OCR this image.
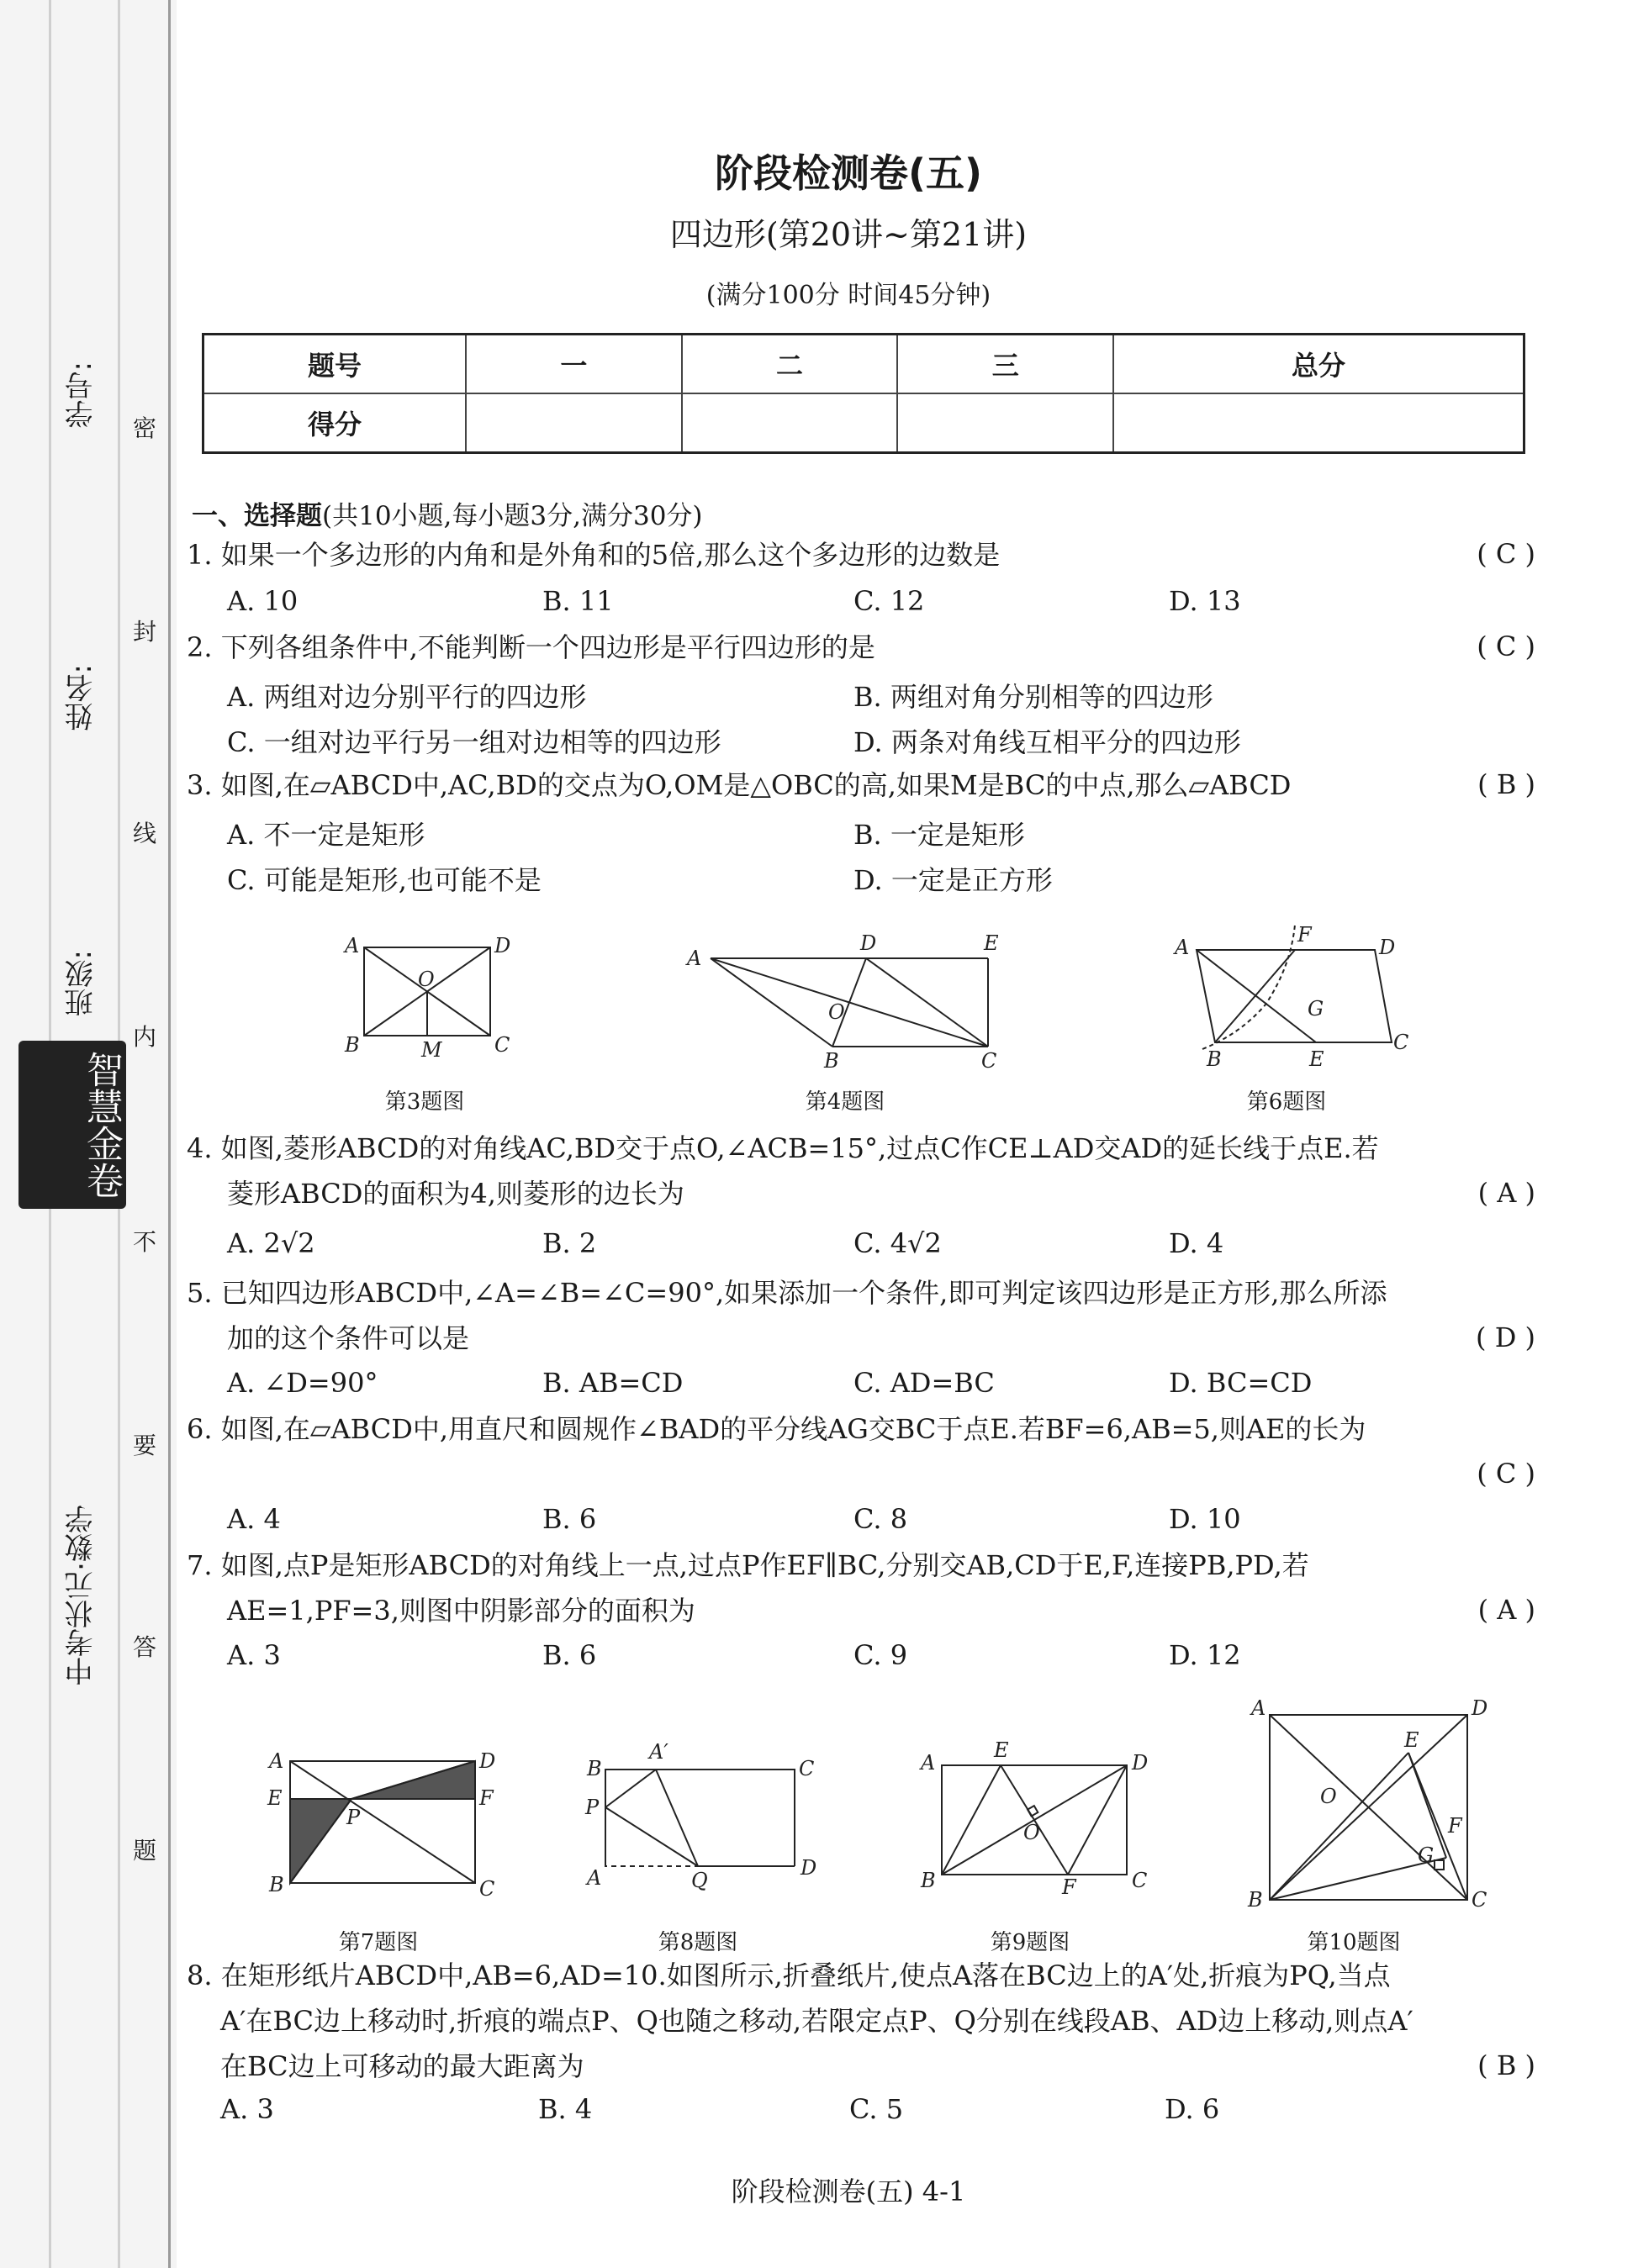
学号:
姓名:
班级:
密
封
线
内
不
要
答
题
智慧金卷
中考状元·数学
阶段检测卷(五)
四边形(第20讲~第21讲)
(满分100分 时间45分钟)
题号	一	二	三	总分
得分				
一、选择题(共10小题,每小题3分,满分30分)
1. 如果一个多边形的内角和是外角和的5倍,那么这个多边形的边数是	( C )
A. 10	B. 11	C. 12	D. 13
2. 下列各组条件中,不能判断一个四边形是平行四边形的是	( C )
A. 两组对边分别平行的四边形	B. 两组对角分别相等的四边形
C. 一组对边平行另一组对边相等的四边形	D. 两条对角线互相平分的四边形
3. 如图,在▱ABCD中,AC,BD的交点为O,OM是△OBC的高,如果M是BC的中点,那么▱ABCD	( B )
A. 不一定是矩形	B. 一定是矩形
C. 可能是矩形,也可能不是	D. 一定是正方形
A	D
O
B	M	C
第3题图
A
D	E
O
B	C
第4题图
A
F
D
G
B	E
C
第6题图
4. 如图,菱形ABCD的对角线AC,BD交于点O,∠ACB=15°,过点C作CE⊥AD交AD的延长线于点E.若
菱形ABCD的面积为4,则菱形的边长为	( A )
A. 2√2	B. 2	C. 4√2	D. 4
5. 已知四边形ABCD中,∠A=∠B=∠C=90°,如果添加一个条件,即可判定该四边形是正方形,那么所添
加的这个条件可以是	( D )
A. ∠D=90°	B. AB=CD	C. AD=BC	D. BC=CD
6. 如图,在▱ABCD中,用直尺和圆规作∠BAD的平分线AG交BC于点E.若BF=6,AB=5,则AE的长为
( C )
A. 4	B. 6	C. 8	D. 10
7. 如图,点P是矩形ABCD的对角线上一点,过点P作EF∥BC,分别交AB,CD于E,F,连接PB,PD,若
AE=1,PF=3,则图中阴影部分的面积为	( A )
A. 3	B. 6	C. 9	D. 12
A	D
E	F
P
B	C
第7题图
B
A′
C
P
A	Q
D
第8题图
A
E
D
O
B	F	C
第9题图
A	D
E
O
F
G
B	C
第10题图
8. 在矩形纸片ABCD中,AB=6,AD=10.如图所示,折叠纸片,使点A落在BC边上的A′处,折痕为PQ,当点
A′在BC边上移动时,折痕的端点P、Q也随之移动,若限定点P、Q分别在线段AB、AD边上移动,则点A′
在BC边上可移动的最大距离为	( B )
A. 3	B. 4	C. 5	D. 6
阶段检测卷(五) 4-1
